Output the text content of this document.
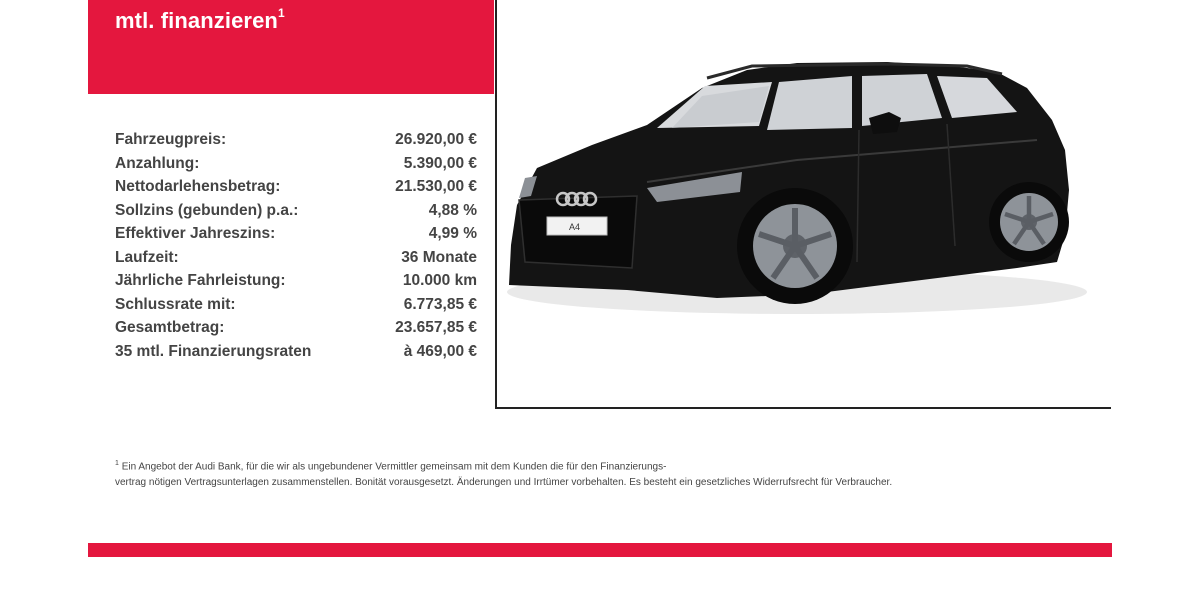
mtl. finanzieren$^1$
Fahrzeugpreis:	26.920,00 €
Anzahlung:	5.390,00 €
Nettodarlehensbetrag:	21.530,00 €
Sollzins (gebunden) p.a.:	4,88 %
Effektiver Jahreszins:	4,99 %
Laufzeit:	36 Monate
Jährliche Fahrleistung:	10.000 km
Schlussrate mit:	6.773,85 €
Gesamtbetrag:	23.657,85 €
35 mtl. Finanzierungsraten	à 469,00 €
A4
$^1$ Ein Angebot der Audi Bank, für die wir als ungebundener Vermittler gemeinsam mit dem Kunden die für den Finanzierungs-
vertrag nötigen Vertragsunterlagen zusammenstellen. Bonität vorausgesetzt. Änderungen und Irrtümer vorbehalten. Es besteht ein gesetzliches Widerrufsrecht für Verbraucher.
